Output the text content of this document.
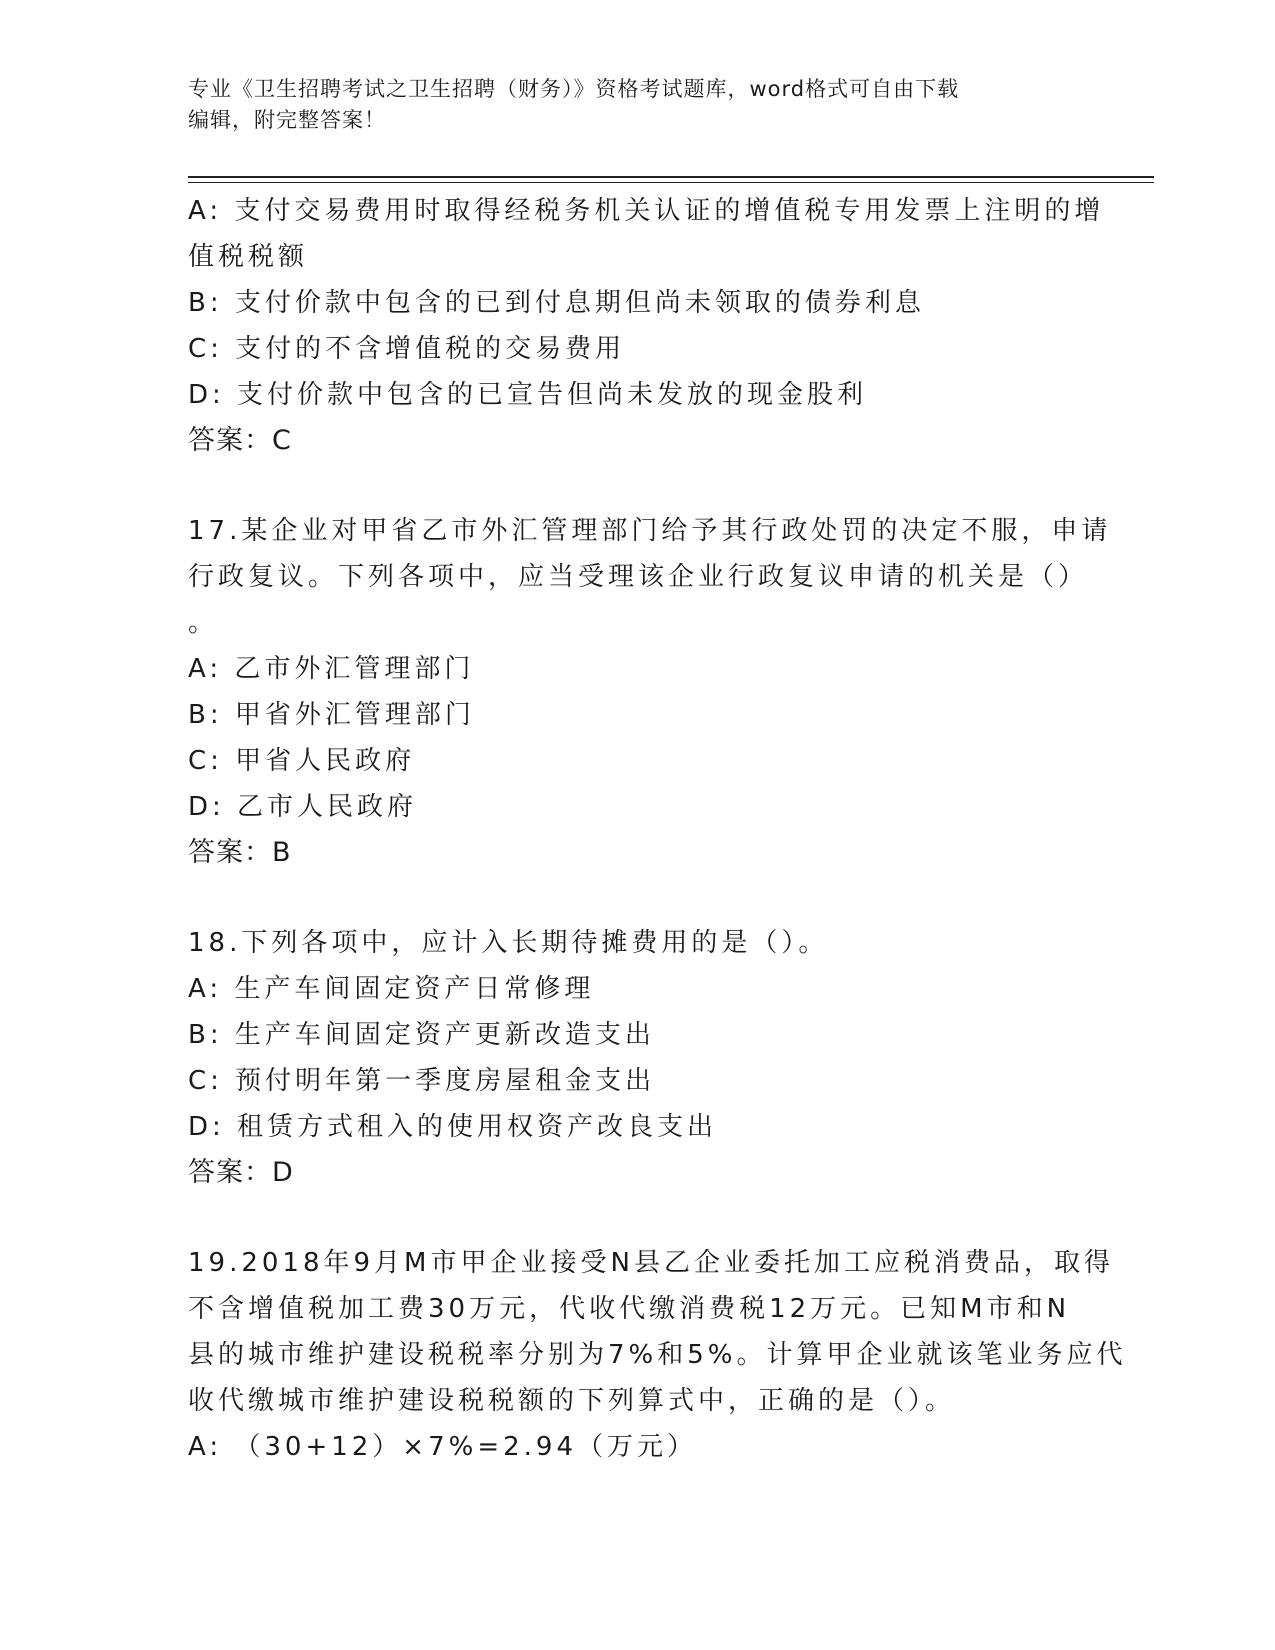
专业《卫生招聘考试之卫生招聘（财务）》资格考试题库，word格式可自由下载
编辑，附完整答案！
A: 支付交易费用时取得经税务机关认证的增值税专用发票上注明的增
值税税额
B: 支付价款中包含的已到付息期但尚未领取的债券利息
C: 支付的不含增值税的交易费用
D: 支付价款中包含的已宣告但尚未发放的现金股利
答案：C
17.某企业对甲省乙市外汇管理部门给予其行政处罚的决定不服，申请
行政复议。下列各项中，应当受理该企业行政复议申请的机关是（）
。
A: 乙市外汇管理部门
B: 甲省外汇管理部门
C: 甲省人民政府
D: 乙市人民政府
答案：B
18.下列各项中，应计入长期待摊费用的是（）。
A: 生产车间固定资产日常修理
B: 生产车间固定资产更新改造支出
C: 预付明年第一季度房屋租金支出
D: 租赁方式租入的使用权资产改良支出
答案：D
19.2018年9月M市甲企业接受N县乙企业委托加工应税消费品，取得
不含增值税加工费30万元，代收代缴消费税12万元。已知M市和N
县的城市维护建设税税率分别为7%和5%。计算甲企业就该笔业务应代
收代缴城市维护建设税税额的下列算式中，正确的是（）。
A: （30+12）×7%=2.94（万元）
